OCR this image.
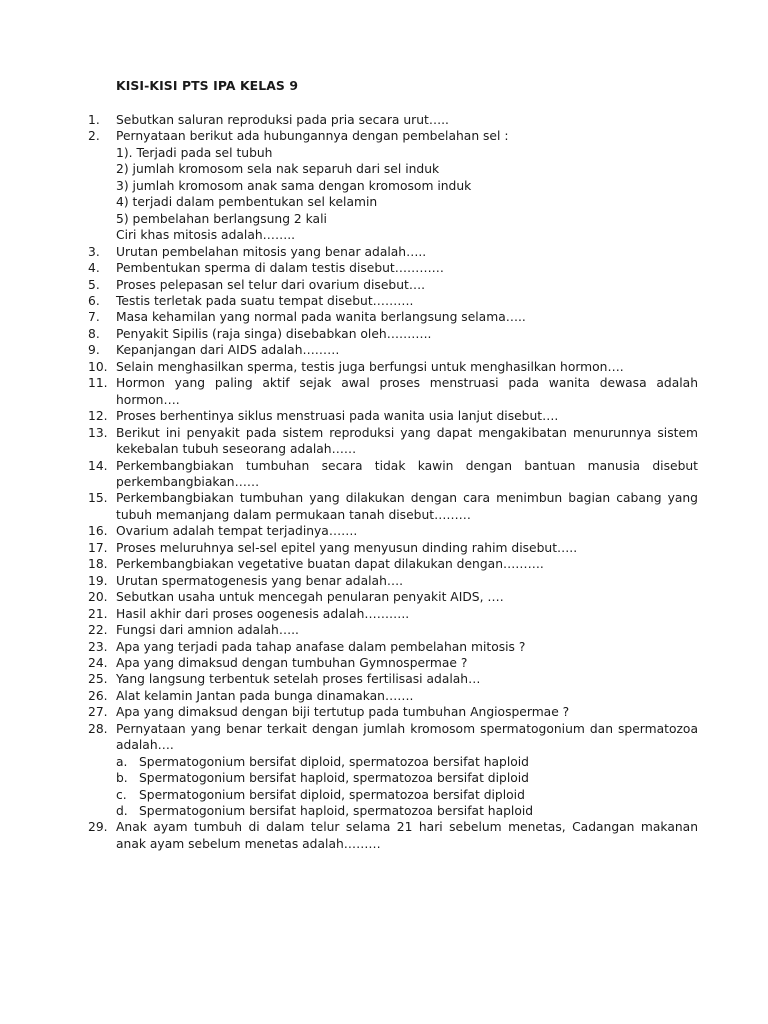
KISI-KISI PTS IPA KELAS 9
1.	Sebutkan saluran reproduksi pada pria secara urut…..
2.	Pernyataan berikut ada hubungannya dengan pembelahan sel :
1). Terjadi pada sel tubuh
2) jumlah kromosom sela nak separuh dari sel induk
3) jumlah kromosom anak sama dengan kromosom induk
4) terjadi dalam pembentukan sel kelamin
5) pembelahan berlangsung 2 kali
Ciri khas mitosis adalah……..
3.	Urutan pembelahan mitosis yang benar adalah…..
4.	Pembentukan sperma di dalam testis disebut…………
5.	Proses pelepasan sel telur dari ovarium disebut….
6.	Testis terletak pada suatu tempat disebut……….
7.	Masa kehamilan yang normal pada wanita berlangsung selama…..
8.	Penyakit Sipilis (raja singa) disebabkan oleh………..
9.	Kepanjangan dari AIDS adalah………
10. Selain menghasilkan sperma, testis juga berfungsi untuk menghasilkan hormon….
11. Hormon yang paling aktif sejak awal proses menstruasi pada wanita dewasa adalah hormon….
12. Proses berhentinya siklus menstruasi pada wanita usia lanjut disebut….
13. Berikut ini penyakit pada sistem reproduksi yang dapat mengakibatan menurunnya sistem kekebalan tubuh seseorang adalah……
14. Perkembangbiakan tumbuhan secara tidak kawin dengan bantuan manusia disebut perkembangbiakan……
15. Perkembangbiakan tumbuhan yang dilakukan dengan cara menimbun bagian cabang yang tubuh memanjang dalam permukaan tanah disebut………
16. Ovarium adalah tempat terjadinya…….
17. Proses meluruhnya sel-sel epitel yang menyusun dinding rahim disebut…..
18. Perkembangbiakan vegetative buatan dapat dilakukan dengan……….
19. Urutan spermatogenesis yang benar adalah….
20. Sebutkan usaha untuk mencegah penularan penyakit AIDS, ….
21. Hasil akhir dari proses oogenesis adalah………..
22. Fungsi dari amnion adalah…..
23. Apa yang terjadi pada tahap anafase dalam pembelahan mitosis ?
24. Apa yang dimaksud dengan tumbuhan Gymnospermae ?
25. Yang langsung terbentuk setelah proses fertilisasi adalah…
26. Alat kelamin Jantan pada bunga dinamakan…….
27. Apa yang dimaksud dengan biji tertutup pada tumbuhan Angiospermae ?
28. Pernyataan yang benar terkait dengan jumlah kromosom spermatogonium dan spermatozoa adalah….
a. Spermatogonium bersifat diploid, spermatozoa bersifat haploid
b. Spermatogonium bersifat haploid, spermatozoa bersifat diploid
c. Spermatogonium bersifat diploid, spermatozoa bersifat diploid
d. Spermatogonium bersifat haploid, spermatozoa bersifat haploid
29. Anak ayam tumbuh di dalam telur selama 21 hari sebelum menetas, Cadangan makanan anak ayam sebelum menetas adalah………
